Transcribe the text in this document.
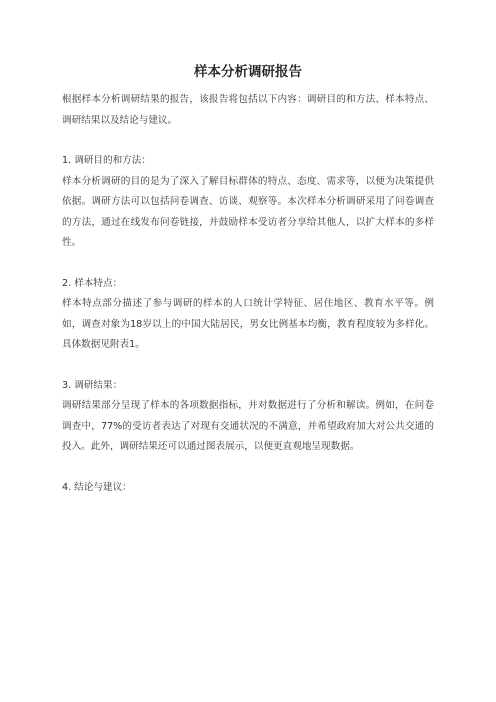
样本分析调研报告

根据样本分析调研结果的报告，该报告将包括以下内容：调研目的和方法、样本特点、调研结果以及结论与建议。

1. 调研目的和方法：

样本分析调研的目的是为了深入了解目标群体的特点、态度、需求等，以便为决策提供依据。调研方法可以包括问卷调查、访谈、观察等。本次样本分析调研采用了问卷调查的方法，通过在线发布问卷链接，并鼓励样本受访者分享给其他人，以扩大样本的多样性。

2. 样本特点：

样本特点部分描述了参与调研的样本的人口统计学特征、居住地区、教育水平等。例如，调查对象为18岁以上的中国大陆居民，男女比例基本均衡，教育程度较为多样化。具体数据见附表1。

3. 调研结果：

调研结果部分呈现了样本的各项数据指标，并对数据进行了分析和解读。例如，在问卷调查中，77%的受访者表达了对现有交通状况的不满意，并希望政府加大对公共交通的投入。此外，调研结果还可以通过图表展示，以便更直观地呈现数据。

4. 结论与建议：
